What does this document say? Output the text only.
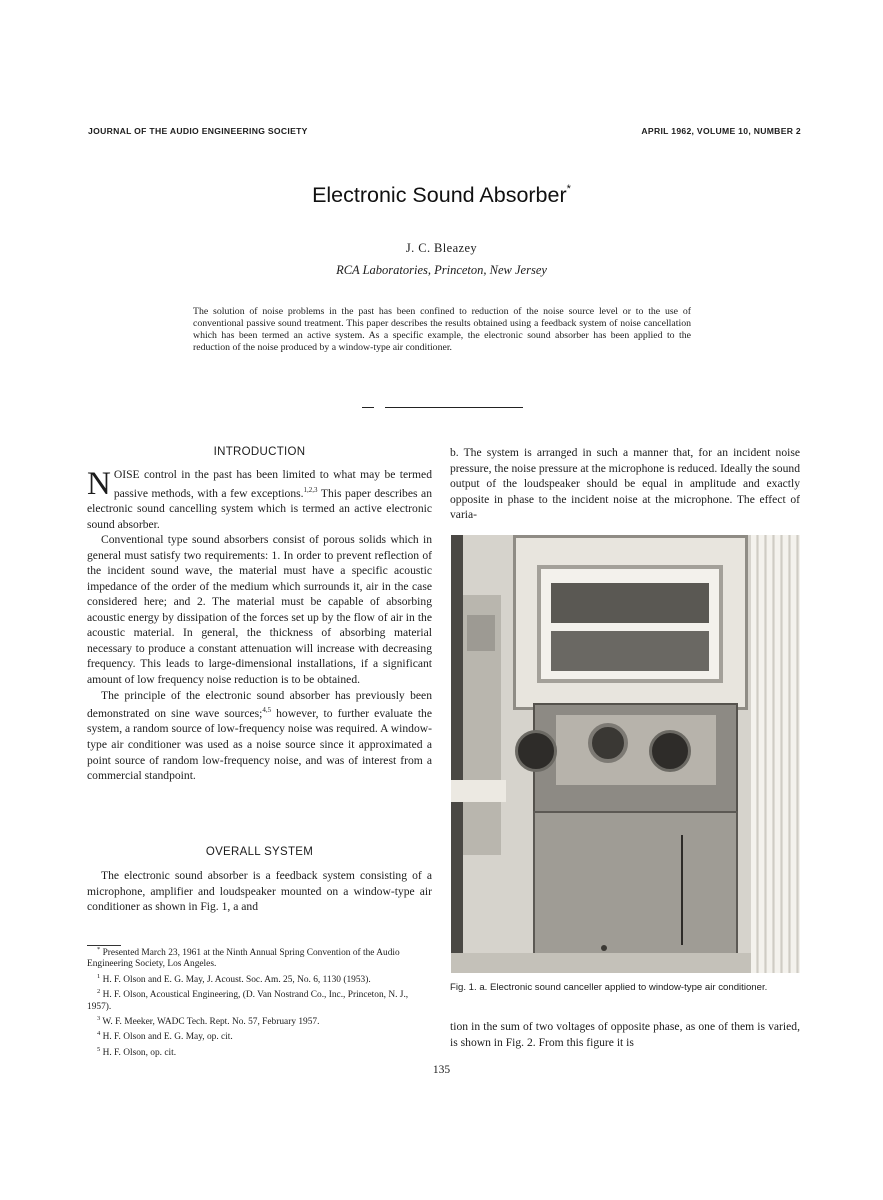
JOURNAL OF THE AUDIO ENGINEERING SOCIETY	APRIL 1962, VOLUME 10, NUMBER 2
Electronic Sound Absorber*
J. C. Bleazey
RCA Laboratories, Princeton, New Jersey
The solution of noise problems in the past has been confined to reduction of the noise source level or to the use of conventional passive sound treatment. This paper describes the results obtained using a feedback system of noise cancellation which has been termed an active system. As a specific example, the electronic sound absorber has been applied to the reduction of the noise produced by a window-type air conditioner.
INTRODUCTION

NOISE control in the past has been limited to what may be termed passive methods, with a few exceptions.$^{1,2,3}$ This paper describes an electronic sound cancelling system which is termed an active electronic sound absorber.

Conventional type sound absorbers consist of porous solids which in general must satisfy two requirements: 1. In order to prevent reflection of the incident sound wave, the material must have a specific acoustic impedance of the order of the medium which surrounds it, air in the case considered here; and 2. The material must be capable of absorbing acoustic energy by dissipation of the forces set up by the flow of air in the acoustic material. In general, the thickness of absorbing material necessary to produce a constant attenuation will increase with decreasing frequency. This leads to large-dimensional installations, if a significant amount of low frequency noise reduction is to be obtained.

The principle of the electronic sound absorber has previously been demonstrated on sine wave sources;$^{4,5}$ however, to further evaluate the system, a random source of low-frequency noise was required. A window-type air conditioner was used as a noise source since it approximated a point source of random low-frequency noise, and was of interest from a commercial standpoint.

OVERALL SYSTEM

The electronic sound absorber is a feedback system consisting of a microphone, amplifier and loudspeaker mounted on a window-type air conditioner as shown in Fig. 1, a and

* Presented March 23, 1961 at the Ninth Annual Spring Convention of the Audio Engineering Society, Los Angeles.

$^1$ H. F. Olson and E. G. May, J. Acoust. Soc. Am. 25, No. 6, 1130 (1953).

$^2$ H. F. Olson, Acoustical Engineering, (D. Van Nostrand Co., Inc., Princeton, N. J., 1957).

$^3$ W. F. Meeker, WADC Tech. Rept. No. 57, February 1957.

$^4$ H. F. Olson and E. G. May, op. cit.

$^5$ H. F. Olson, op. cit.

b. The system is arranged in such a manner that, for an incident noise pressure, the noise pressure at the microphone is reduced. Ideally the sound output of the loudspeaker should be equal in amplitude and exactly opposite in phase to the incident noise at the microphone. The effect of varia-

Fig. 1. a. Electronic sound canceller applied to window-type air conditioner.

tion in the sum of two voltages of opposite phase, as one of them is varied, is shown in Fig. 2. From this figure it is

135
